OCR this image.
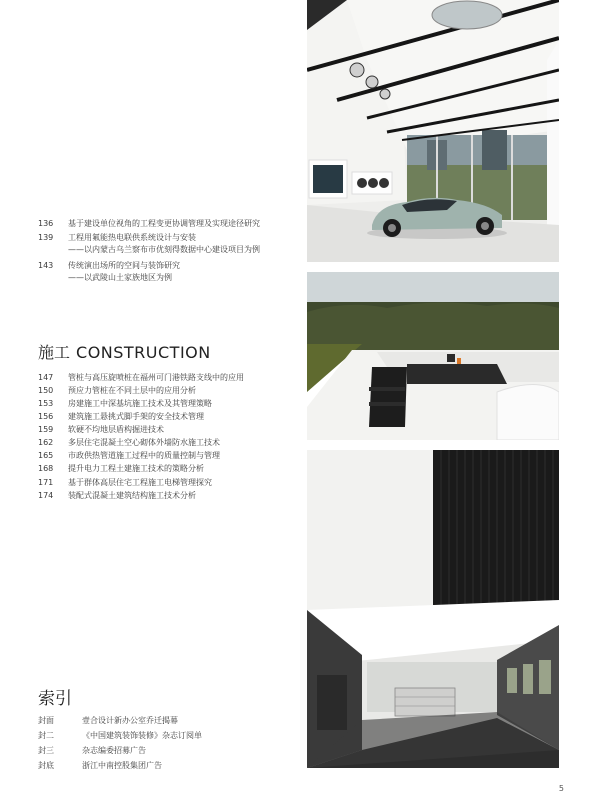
136 基于建设单位视角的工程变更协调管理及实现途径研究
139 工程用氟能热电联供系统设计与安装
——以内蒙古乌兰察布市优刻得数据中心建设项目为例
143 传统演出场所的空间与装饰研究
——以武陵山土家族地区为例
施工 CONSTRUCTION
147 管桩与高压旋喷桩在福州可门港铁路支线中的应用
150 预应力管桩在不同土层中的应用分析
153 房建施工中深基坑施工技术及其管理策略
156 建筑施工悬挑式脚手架的安全技术管理
159 软硬不均地层盾构掘进技术
162 多层住宅混凝土空心砌体外墙防水施工技术
165 市政供热管道施工过程中的质量控制与管理
168 提升电力工程土建施工技术的策略分析
171 基于群体高层住宅工程施工电梯管理探究
174 装配式混凝土建筑结构施工技术分析
索引
封面	壹合设计新办公室乔迁揭幕
封二	《中国建筑装饰装修》杂志订阅单
封三	杂志编委招募广告
封底	浙江中南控股集团广告
5
